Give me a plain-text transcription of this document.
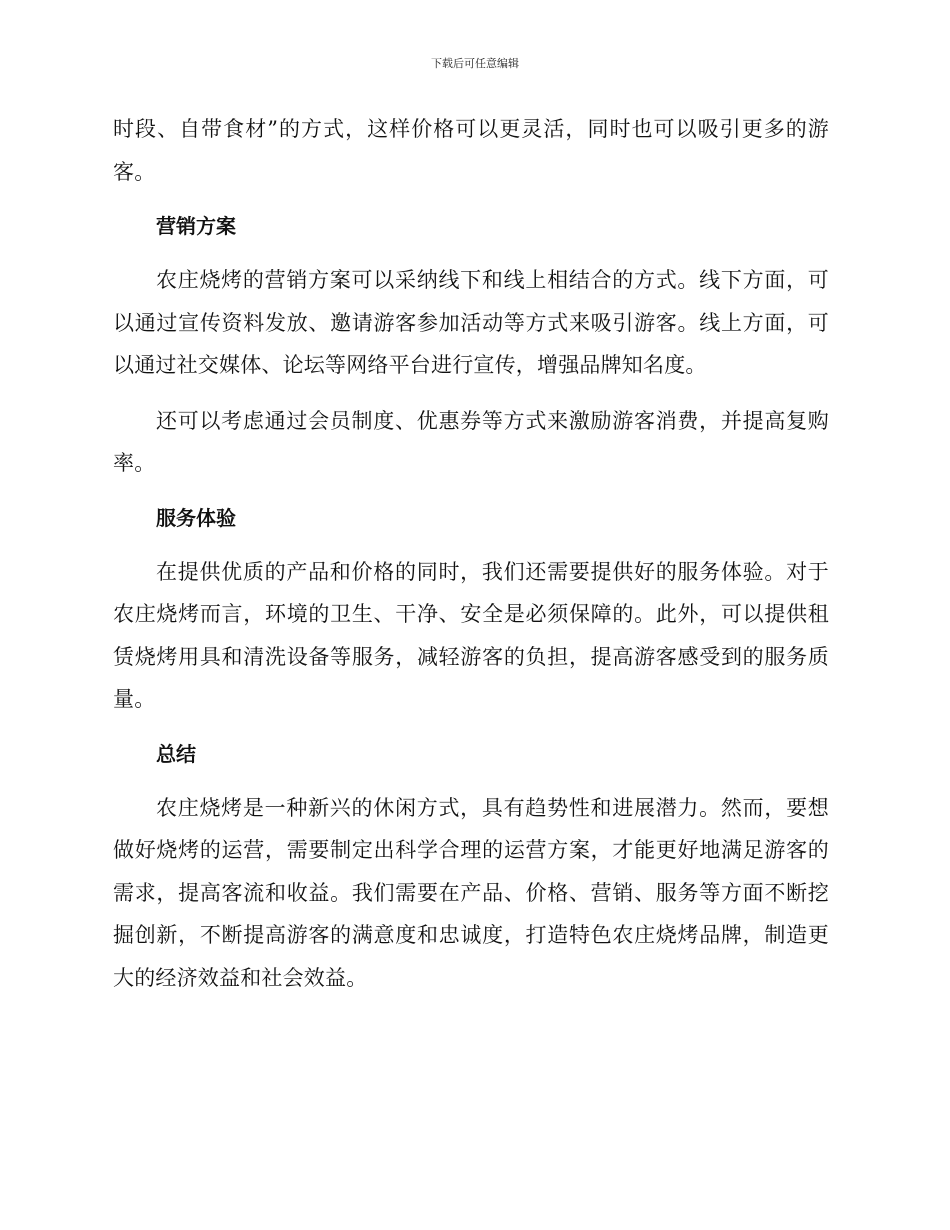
下载后可任意编辑

时段、自带食材”的方式，这样价格可以更灵活，同时也可以吸引更多的游客。

营销方案

农庄烧烤的营销方案可以采纳线下和线上相结合的方式。线下方面，可以通过宣传资料发放、邀请游客参加活动等方式来吸引游客。线上方面，可以通过社交媒体、论坛等网络平台进行宣传，增强品牌知名度。

还可以考虑通过会员制度、优惠券等方式来激励游客消费，并提高复购率。

服务体验

在提供优质的产品和价格的同时，我们还需要提供好的服务体验。对于农庄烧烤而言，环境的卫生、干净、安全是必须保障的。此外，可以提供租赁烧烤用具和清洗设备等服务，减轻游客的负担，提高游客感受到的服务质量。

总结

农庄烧烤是一种新兴的休闲方式，具有趋势性和进展潜力。然而，要想做好烧烤的运营，需要制定出科学合理的运营方案，才能更好地满足游客的需求，提高客流和收益。我们需要在产品、价格、营销、服务等方面不断挖掘创新，不断提高游客的满意度和忠诚度，打造特色农庄烧烤品牌，制造更大的经济效益和社会效益。
